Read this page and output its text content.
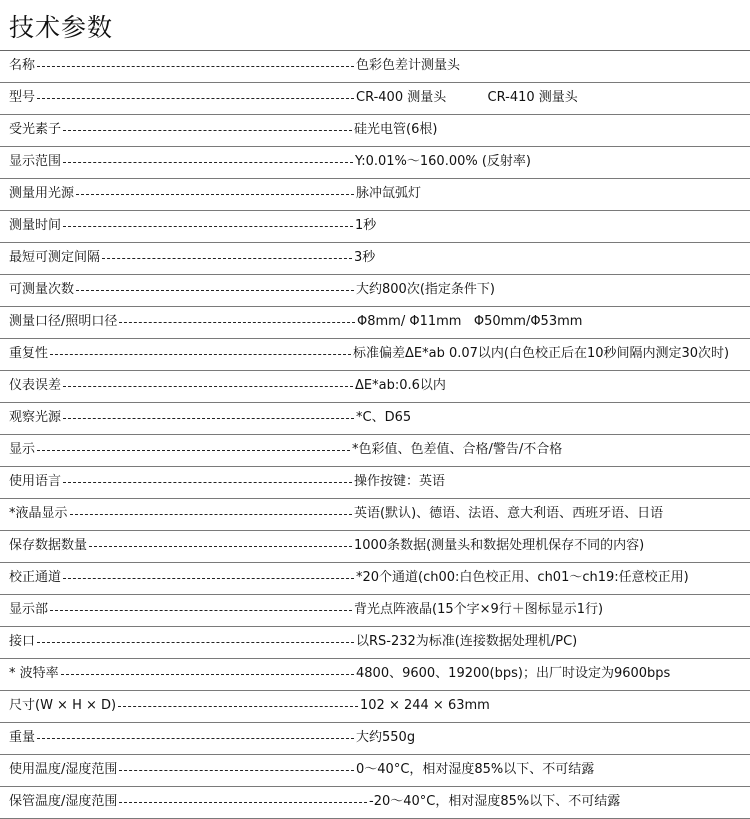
技术参数
名称	色彩色差计测量头
型号	CR-400 测量头          CR-410 测量头
受光素子	硅光电管(6根)
显示范围	Y:0.01%～160.00% (反射率)
测量用光源	脉冲氙弧灯
测量时间	1秒
最短可测定间隔	3秒
可测量次数	大约800次(指定条件下)
测量口径/照明口径	Φ8mm/ Φ11mm   Φ50mm/Φ53mm
重复性	标准偏差ΔE*ab 0.07以内(白色校正后在10秒间隔内测定30次时)
仪表误差	ΔE*ab:0.6以内
观察光源	*C、D65
显示	*色彩值、色差值、合格/警告/不合格
使用语言	操作按键：英语
*液晶显示	英语(默认)、德语、法语、意大利语、西班牙语、日语
保存数据数量	1000条数据(测量头和数据处理机保存不同的内容)
校正通道	*20个通道(ch00:白色校正用、ch01～ch19:任意校正用)
显示部	背光点阵液晶(15个字×9行＋图标显示1行)
接口	以RS-232为标准(连接数据处理机/PC)
* 波特率	4800、9600、19200(bps)；出厂时设定为9600bps
尺寸(W × H × D)	102 × 244 × 63mm
重量	大约550g
使用温度/湿度范围	0～40°C，相对湿度85%以下、不可结露
保管温度/湿度范围	-20～40°C，相对湿度85%以下、不可结露
